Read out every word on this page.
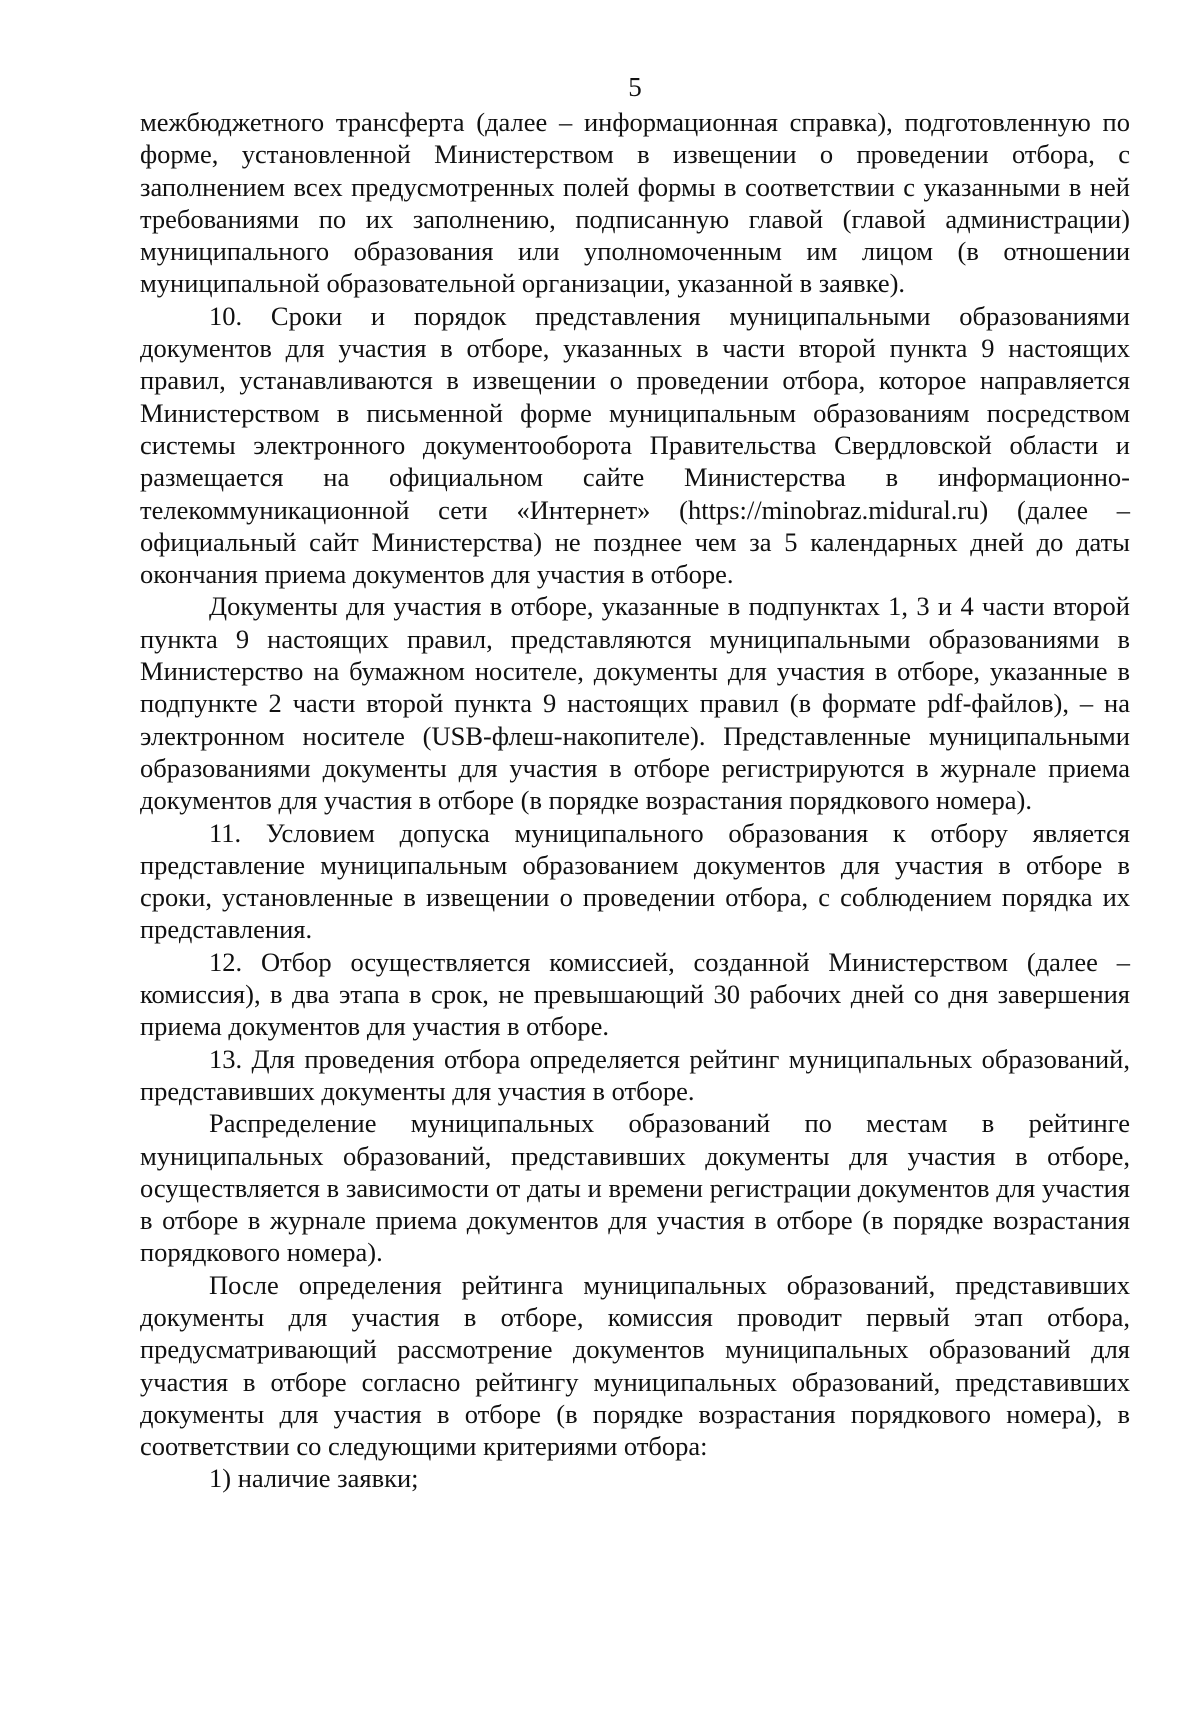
5

межбюджетного трансферта (далее – информационная справка), подготовленную по форме, установленной Министерством в извещении о проведении отбора, с заполнением всех предусмотренных полей формы в соответствии с указанными в ней требованиями по их заполнению, подписанную главой (главой администрации) муниципального образования или уполномоченным им лицом (в отношении муниципальной образовательной организации, указанной в заявке).

10. Сроки и порядок представления муниципальными образованиями документов для участия в отборе, указанных в части второй пункта 9 настоящих правил, устанавливаются в извещении о проведении отбора, которое направляется Министерством в письменной форме муниципальным образованиям посредством системы электронного документооборота Правительства Свердловской области и размещается на официальном сайте Министерства в информационно-телекоммуникационной сети «Интернет» (https://minobraz.midural.ru) (далее – официальный сайт Министерства) не позднее чем за 5 календарных дней до даты окончания приема документов для участия в отборе.

Документы для участия в отборе, указанные в подпунктах 1, 3 и 4 части второй пункта 9 настоящих правил, представляются муниципальными образованиями в Министерство на бумажном носителе, документы для участия в отборе, указанные в подпункте 2 части второй пункта 9 настоящих правил (в формате pdf-файлов), – на электронном носителе (USB-флеш-накопителе). Представленные муниципальными образованиями документы для участия в отборе регистрируются в журнале приема документов для участия в отборе (в порядке возрастания порядкового номера).

11. Условием допуска муниципального образования к отбору является представление муниципальным образованием документов для участия в отборе в сроки, установленные в извещении о проведении отбора, с соблюдением порядка их представления.

12. Отбор осуществляется комиссией, созданной Министерством (далее – комиссия), в два этапа в срок, не превышающий 30 рабочих дней со дня завершения приема документов для участия в отборе.

13. Для проведения отбора определяется рейтинг муниципальных образований, представивших документы для участия в отборе.

Распределение муниципальных образований по местам в рейтинге муниципальных образований, представивших документы для участия в отборе, осуществляется в зависимости от даты и времени регистрации документов для участия в отборе в журнале приема документов для участия в отборе (в порядке возрастания порядкового номера).

После определения рейтинга муниципальных образований, представивших документы для участия в отборе, комиссия проводит первый этап отбора, предусматривающий рассмотрение документов муниципальных образований для участия в отборе согласно рейтингу муниципальных образований, представивших документы для участия в отборе (в порядке возрастания порядкового номера), в соответствии со следующими критериями отбора:

1) наличие заявки;
